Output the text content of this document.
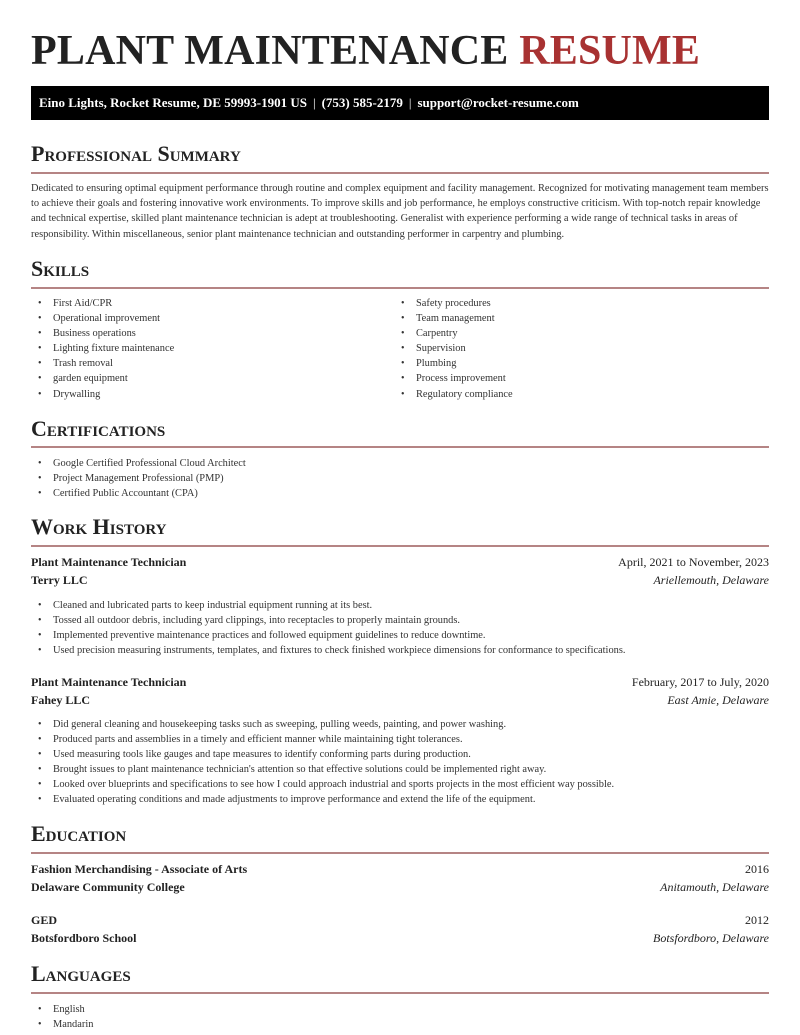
PLANT MAINTENANCE RESUME
Eino Lights, Rocket Resume, DE 59993-1901 US | (753) 585-2179 | support@rocket-resume.com
Professional Summary

Dedicated to ensuring optimal equipment performance through routine and complex equipment and facility management. Recognized for motivating management team members to achieve their goals and fostering innovative work environments. To improve skills and job performance, he employs constructive criticism. With top-notch repair knowledge and technical expertise, skilled plant maintenance technician is adept at troubleshooting. Generalist with experience performing a wide range of technical tasks in areas of responsibility. Within miscellaneous, senior plant maintenance technician and outstanding performer in carpentry and plumbing.

Skills
• First Aid/CPR
• Operational improvement
• Business operations
• Lighting fixture maintenance
• Trash removal
• garden equipment
• Drywalling
• Safety procedures
• Team management
• Carpentry
• Supervision
• Plumbing
• Process improvement
• Regulatory compliance
Certifications
• Google Certified Professional Cloud Architect
• Project Management Professional (PMP)
• Certified Public Accountant (CPA)
Work History
Plant Maintenance Technician	April, 2021 to November, 2023
Terry LLC	Ariellemouth, Delaware
• Cleaned and lubricated parts to keep industrial equipment running at its best.
• Tossed all outdoor debris, including yard clippings, into receptacles to properly maintain grounds.
• Implemented preventive maintenance practices and followed equipment guidelines to reduce downtime.
• Used precision measuring instruments, templates, and fixtures to check finished workpiece dimensions for conformance to specifications.
Plant Maintenance Technician	February, 2017 to July, 2020
Fahey LLC	East Amie, Delaware
• Did general cleaning and housekeeping tasks such as sweeping, pulling weeds, painting, and power washing.
• Produced parts and assemblies in a timely and efficient manner while maintaining tight tolerances.
• Used measuring tools like gauges and tape measures to identify conforming parts during production.
• Brought issues to plant maintenance technician's attention so that effective solutions could be implemented right away.
• Looked over blueprints and specifications to see how I could approach industrial and sports projects in the most efficient way possible.
• Evaluated operating conditions and made adjustments to improve performance and extend the life of the equipment.
Education
Fashion Merchandising - Associate of Arts	2016
Delaware Community College	Anitamouth, Delaware
GED	2012
Botsfordboro School	Botsfordboro, Delaware
Languages
• English
• Mandarin
